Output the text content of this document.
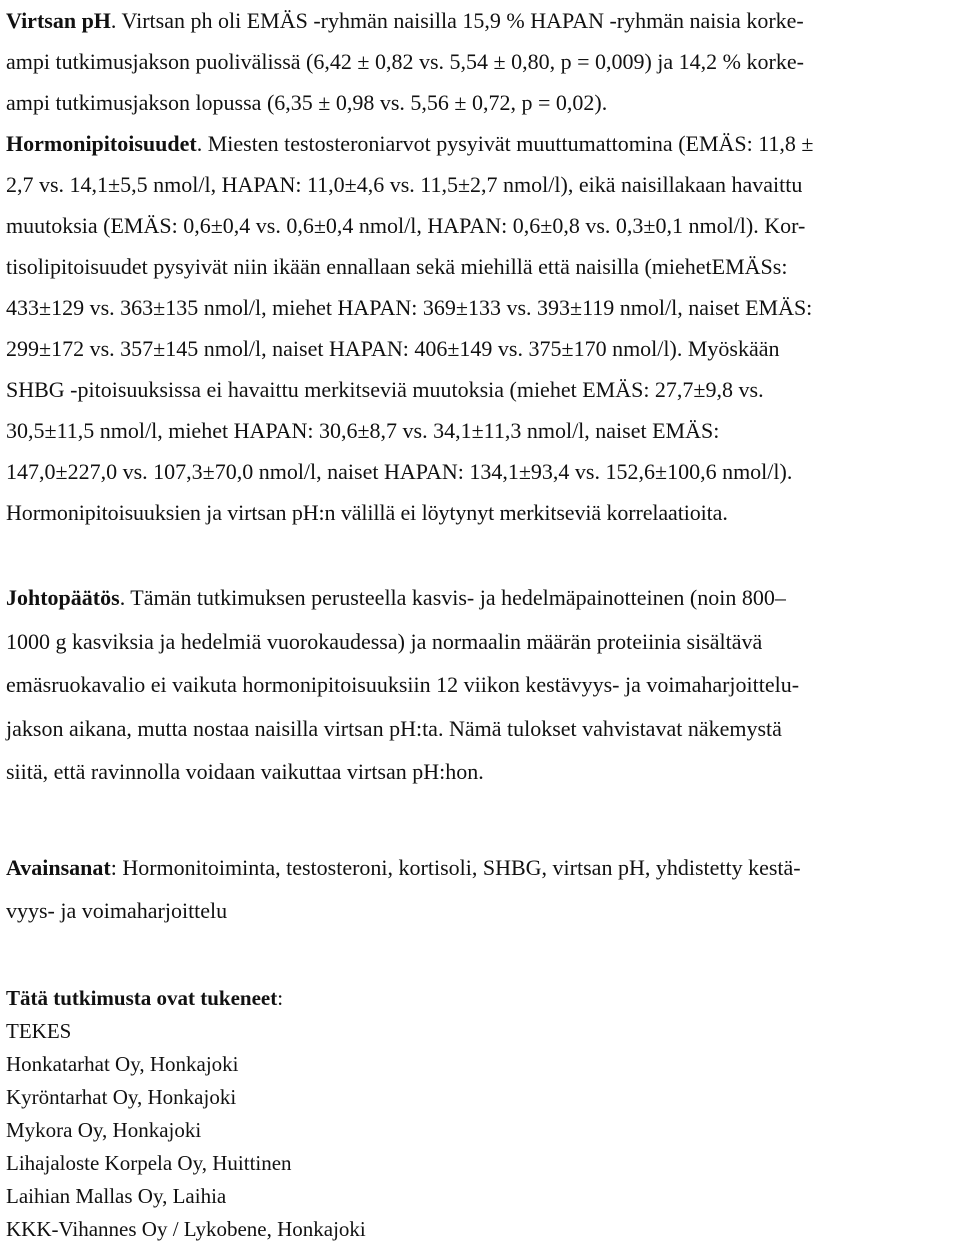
Virtsan pH. Virtsan ph oli EMÄS -ryhmän naisilla 15,9 % HAPAN -ryhmän naisia korke-
ampi tutkimusjakson puolivälissä (6,42 ± 0,82 vs. 5,54 ± 0,80, p = 0,009) ja 14,2 % korke-
ampi tutkimusjakson lopussa (6,35 ± 0,98 vs. 5,56 ± 0,72, p = 0,02).
Hormonipitoisuudet. Miesten testosteroniarvot pysyivät muuttumattomina (EMÄS: 11,8 ±
2,7 vs. 14,1±5,5 nmol/l, HAPAN: 11,0±4,6 vs. 11,5±2,7 nmol/l), eikä naisillakaan havaittu
muutoksia (EMÄS: 0,6±0,4 vs. 0,6±0,4 nmol/l, HAPAN: 0,6±0,8 vs. 0,3±0,1 nmol/l). Kor-
tisolipitoisuudet pysyivät niin ikään ennallaan sekä miehillä että naisilla (miehetEMÄSs:
433±129 vs. 363±135 nmol/l, miehet HAPAN: 369±133 vs. 393±119 nmol/l, naiset EMÄS:
299±172 vs. 357±145 nmol/l, naiset HAPAN: 406±149 vs. 375±170 nmol/l). Myöskään
SHBG -pitoisuuksissa ei havaittu merkitseviä muutoksia (miehet EMÄS: 27,7±9,8 vs.
30,5±11,5 nmol/l, miehet HAPAN: 30,6±8,7 vs. 34,1±11,3 nmol/l, naiset EMÄS:
147,0±227,0 vs. 107,3±70,0 nmol/l, naiset HAPAN: 134,1±93,4 vs. 152,6±100,6 nmol/l).
Hormonipitoisuuksien ja virtsan pH:n välillä ei löytynyt merkitseviä korrelaatioita.
Johtopäätös. Tämän tutkimuksen perusteella kasvis- ja hedelmäpainotteinen (noin 800–
1000 g kasviksia ja hedelmiä vuorokaudessa) ja normaalin määrän proteiinia sisältävä
emäsruokavalio ei vaikuta hormonipitoisuuksiin 12 viikon kestävyys- ja voimaharjoittelu-
jakson aikana, mutta nostaa naisilla virtsan pH:ta. Nämä tulokset vahvistavat näkemystä
siitä, että ravinnolla voidaan vaikuttaa virtsan pH:hon.
Avainsanat: Hormonitoiminta, testosteroni, kortisoli, SHBG, virtsan pH, yhdistetty kestä-
vyys- ja voimaharjoittelu
Tätä tutkimusta ovat tukeneet:
TEKES
Honkatarhat Oy, Honkajoki
Kyröntarhat Oy, Honkajoki
Mykora Oy, Honkajoki
Lihajaloste Korpela Oy, Huittinen
Laihian Mallas Oy, Laihia
KKK-Vihannes Oy / Lykobene, Honkajoki
